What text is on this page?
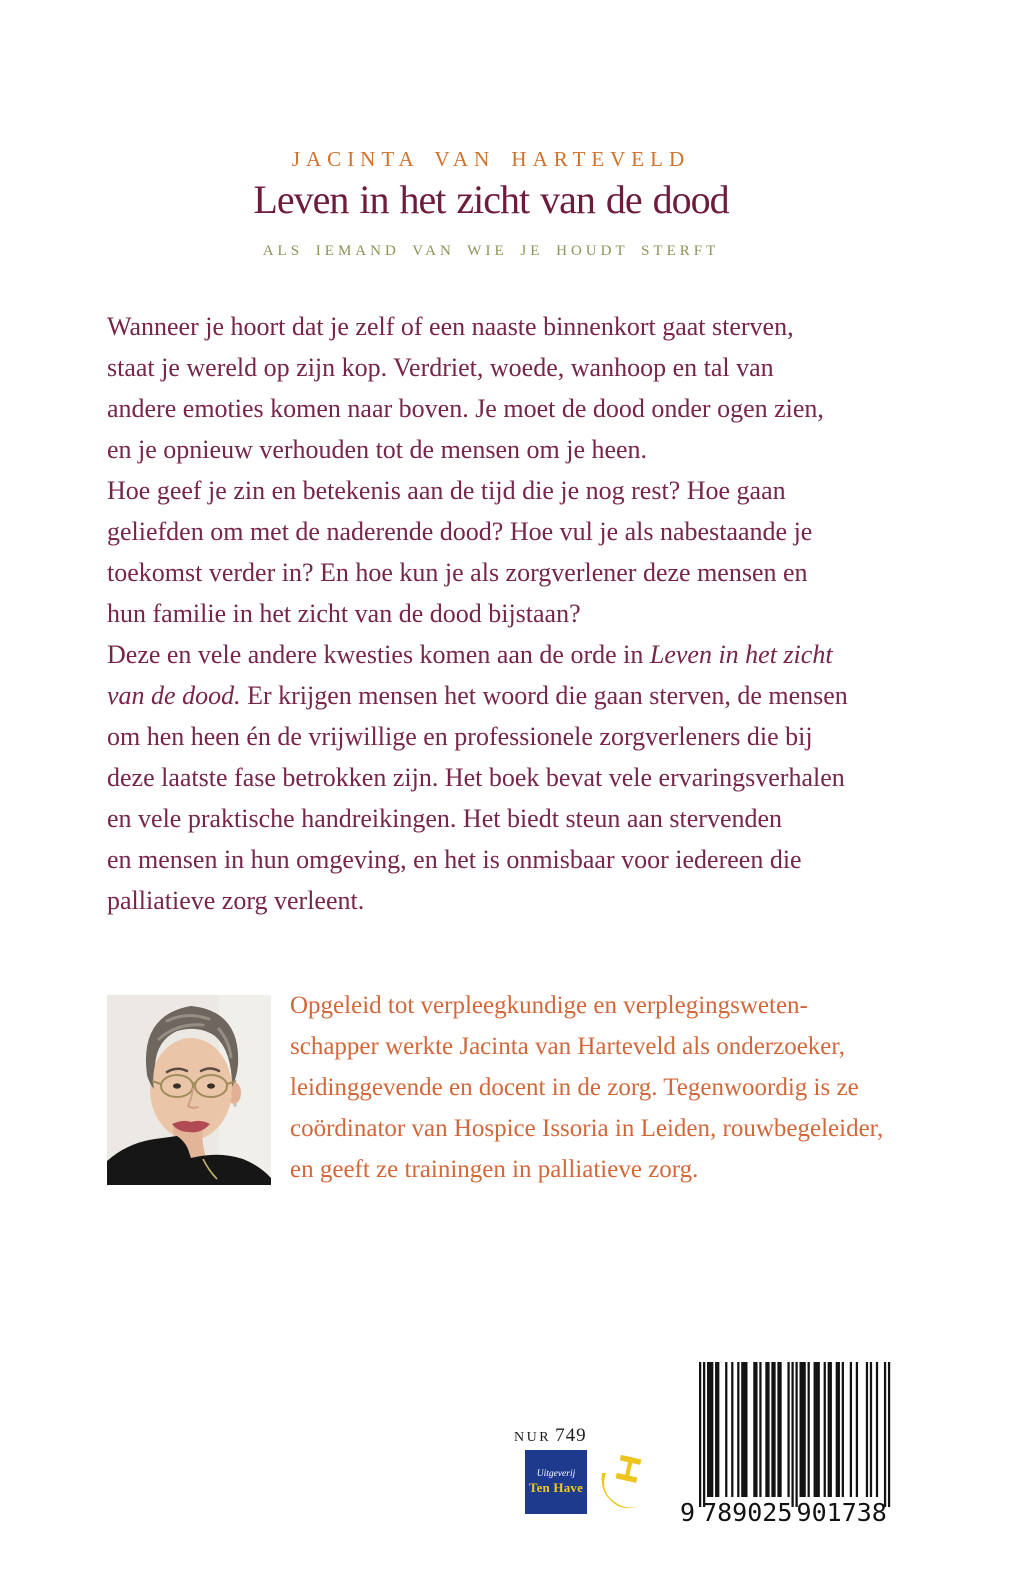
JACINTA VAN HARTEVELD
Leven in het zicht van de dood
ALS IEMAND VAN WIE JE HOUDT STERFT
Wanneer je hoort dat je zelf of een naaste binnenkort gaat sterven,
staat je wereld op zijn kop. Verdriet, woede, wanhoop en tal van
andere emoties komen naar boven. Je moet de dood onder ogen zien,
en je opnieuw verhouden tot de mensen om je heen.
Hoe geef je zin en betekenis aan de tijd die je nog rest? Hoe gaan
geliefden om met de naderende dood? Hoe vul je als nabestaande je
toekomst verder in? En hoe kun je als zorgverlener deze mensen en
hun familie in het zicht van de dood bijstaan?
Deze en vele andere kwesties komen aan de orde in Leven in het zicht
van de dood. Er krijgen mensen het woord die gaan sterven, de mensen
om hen heen én de vrijwillige en professionele zorgverleners die bij
deze laatste fase betrokken zijn. Het boek bevat vele ervaringsverhalen
en vele praktische handreikingen. Het biedt steun aan stervenden
en mensen in hun omgeving, en het is onmisbaar voor iedereen die
palliatieve zorg verleent.
Opgeleid tot verpleegkundige en verplegingsweten-
schapper werkte Jacinta van Harteveld als onderzoeker,
leidinggevende en docent in de zorg. Tegenwoordig is ze
coördinator van Hospice Issoria in Leiden, rouwbegeleider,
en geeft ze trainingen in palliatieve zorg.
NUR 749
Uitgeverij
Ten Have
9 789025 901738
